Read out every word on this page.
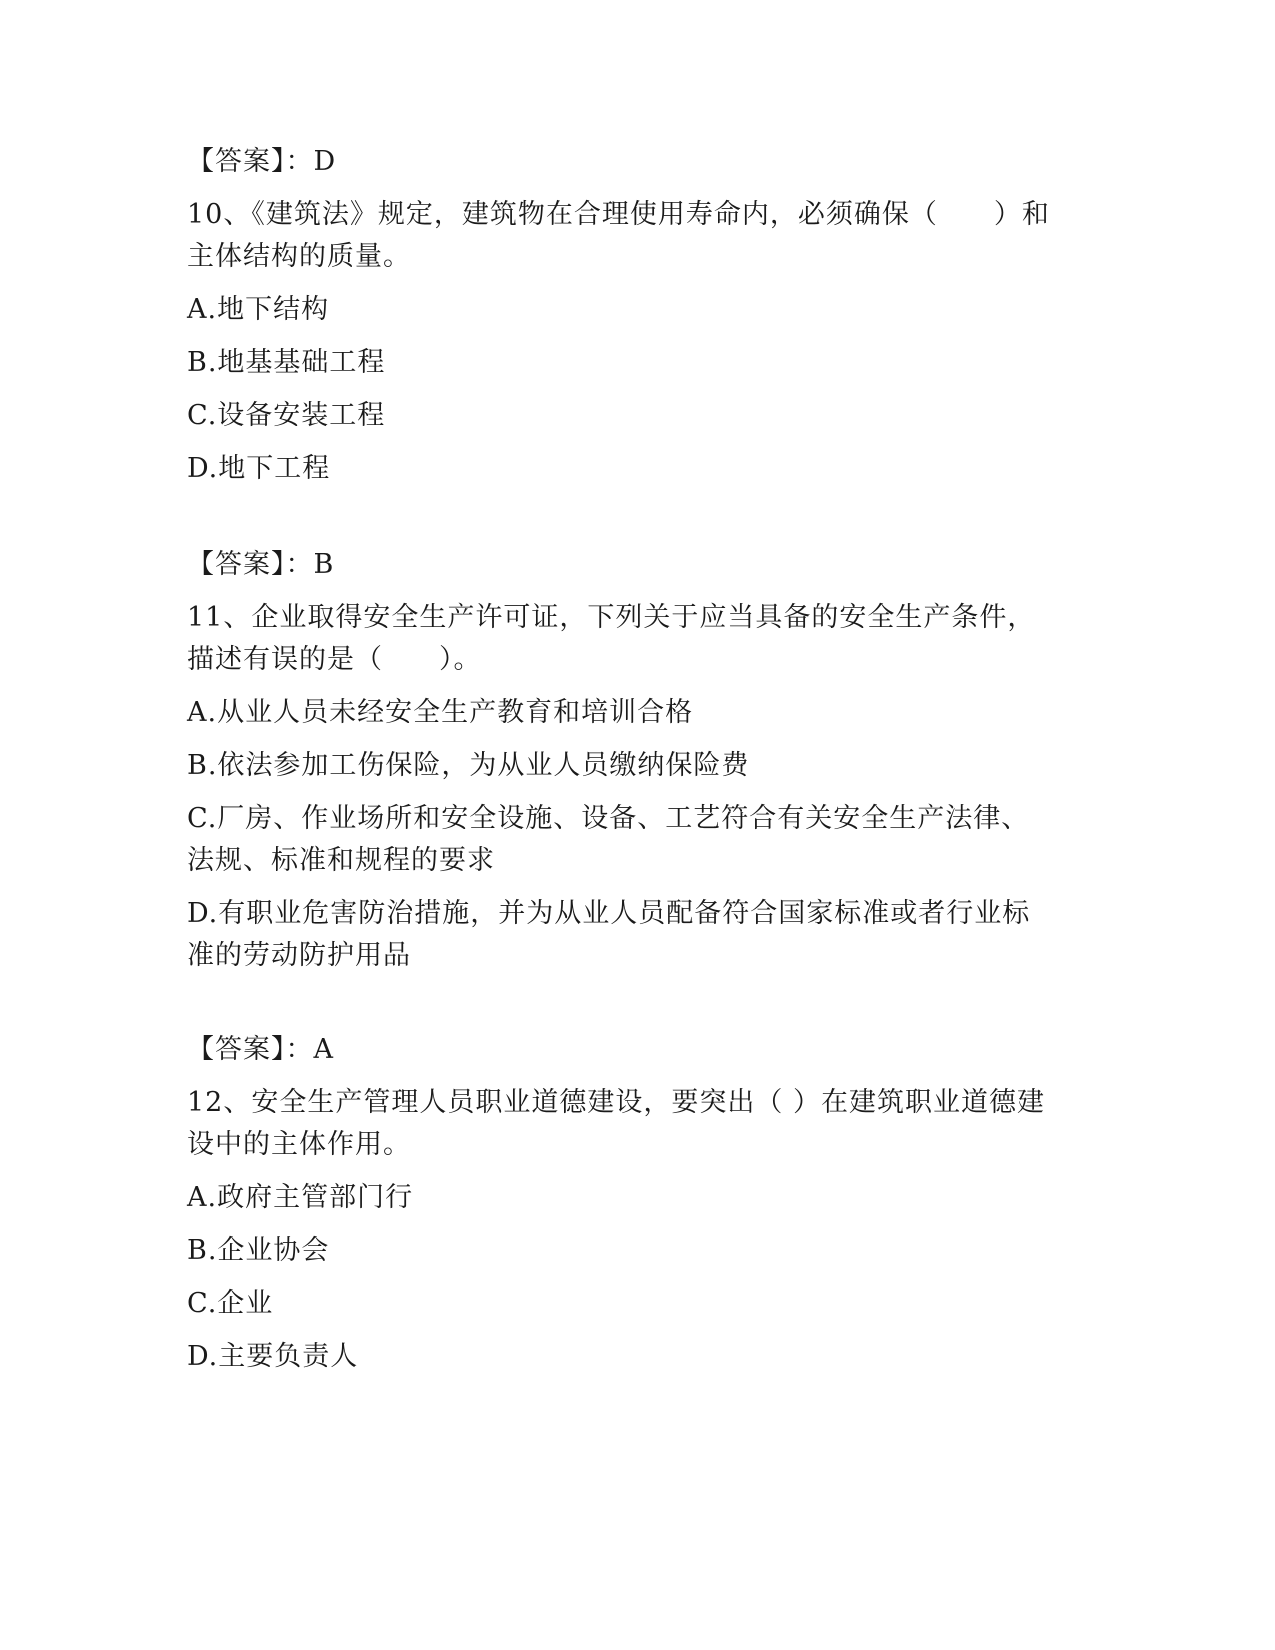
【答案】：D
10、《建筑法》规定，建筑物在合理使用寿命内，必须确保（　　）和
主体结构的质量。
A.地下结构
B.地基基础工程
C.设备安装工程
D.地下工程
【答案】：B
11、企业取得安全生产许可证，下列关于应当具备的安全生产条件，
描述有误的是（　　）。
A.从业人员未经安全生产教育和培训合格
B.依法参加工伤保险，为从业人员缴纳保险费
C.厂房、作业场所和安全设施、设备、工艺符合有关安全生产法律、
法规、标准和规程的要求
D.有职业危害防治措施，并为从业人员配备符合国家标准或者行业标
准的劳动防护用品
【答案】：A
12、安全生产管理人员职业道德建设，要突出（ ）在建筑职业道德建
设中的主体作用。
A.政府主管部门行
B.企业协会
C.企业
D.主要负责人
